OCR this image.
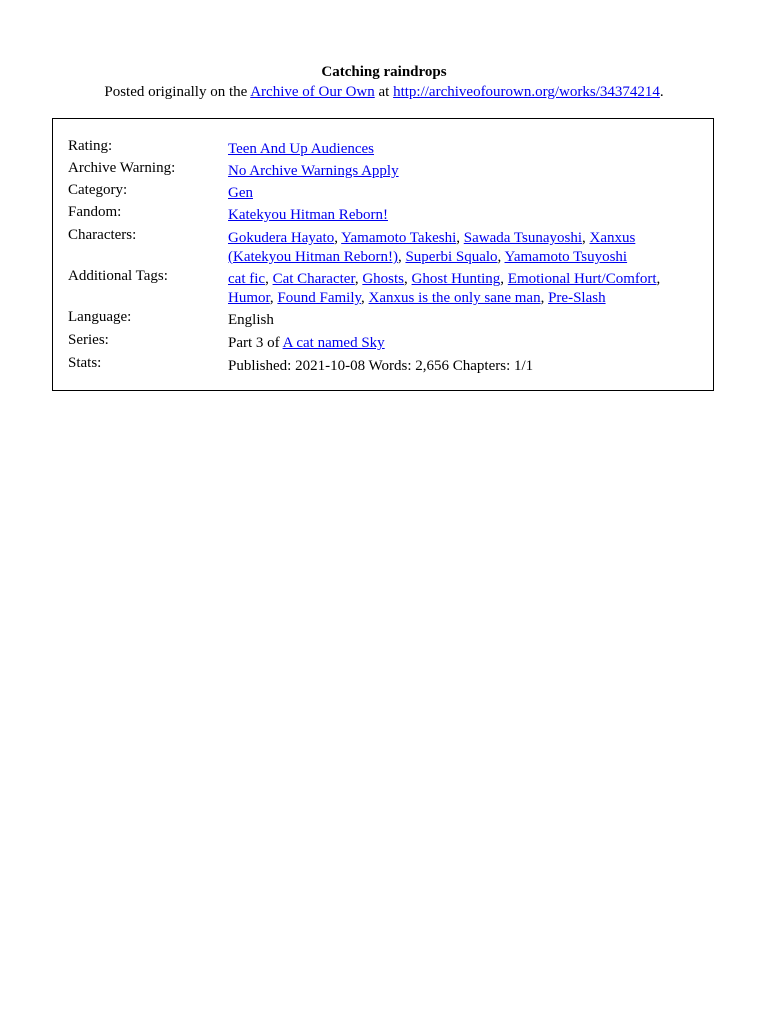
Catching raindrops

Posted originally on the Archive of Our Own at http://archiveofourown.org/works/34374214.

Rating:	Teen And Up Audiences
Archive Warning:	No Archive Warnings Apply
Category:	Gen
Fandom:	Katekyou Hitman Reborn!
Characters:	Gokudera Hayato, Yamamoto Takeshi, Sawada Tsunayoshi, Xanxus (Katekyou Hitman Reborn!), Superbi Squalo, Yamamoto Tsuyoshi
Additional Tags:	cat fic, Cat Character, Ghosts, Ghost Hunting, Emotional Hurt/Comfort, Humor, Found Family, Xanxus is the only sane man, Pre-Slash
Language:	English
Series:	Part 3 of A cat named Sky
Stats:	Published: 2021-10-08 Words: 2,656 Chapters: 1/1
